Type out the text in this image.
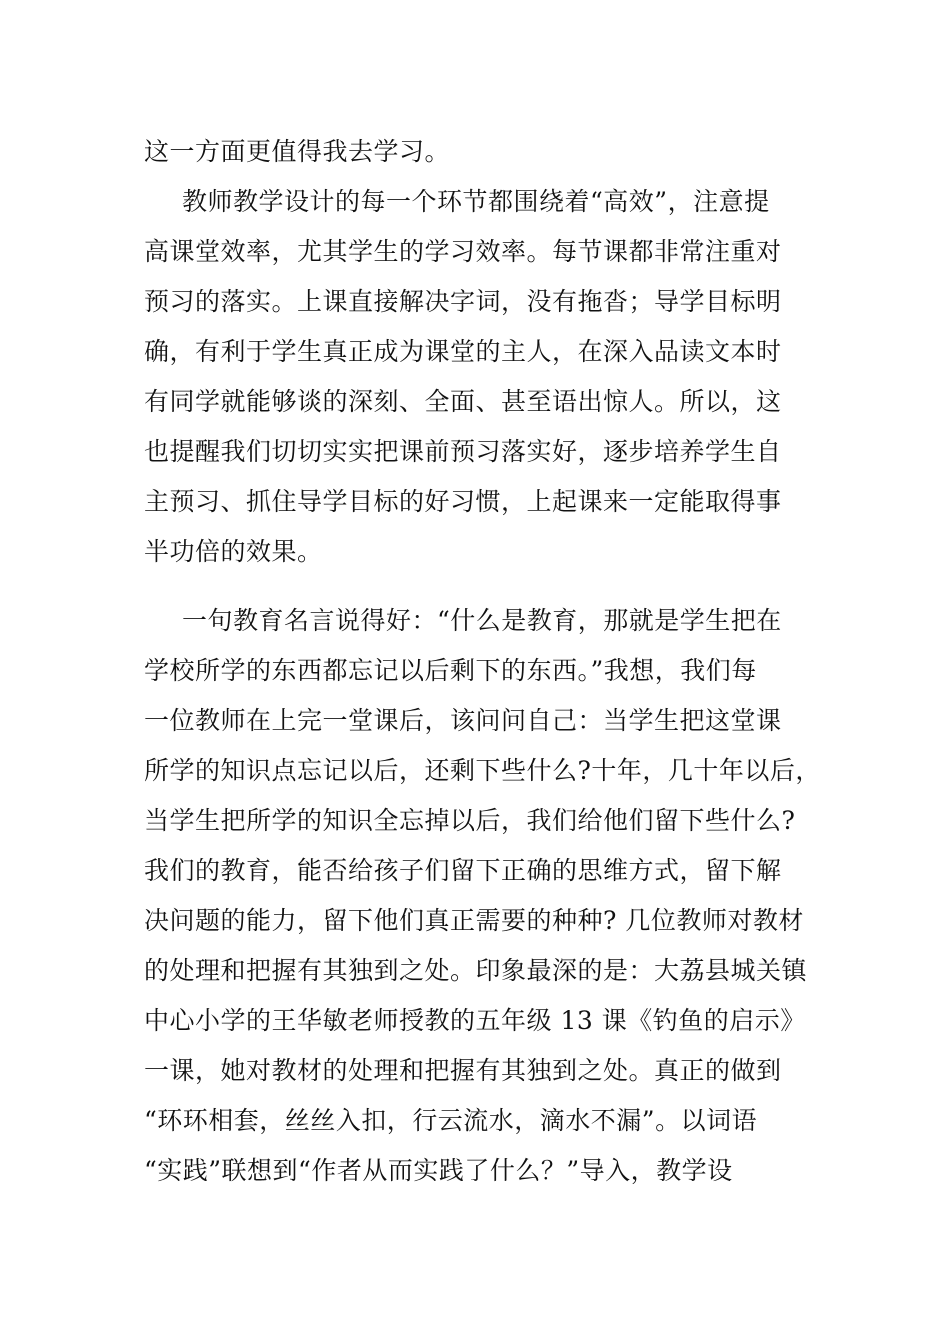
这一方面更值得我去学习。
教师教学设计的每一个环节都围绕着“高效”，注意提
高课堂效率，尤其学生的学习效率。每节课都非常注重对
预习的落实。上课直接解决字词，没有拖沓；导学目标明
确，有利于学生真正成为课堂的主人，在深入品读文本时
有同学就能够谈的深刻、全面、甚至语出惊人。所以，这
也提醒我们切切实实把课前预习落实好，逐步培养学生自
主预习、抓住导学目标的好习惯，上起课来一定能取得事
半功倍的效果。
一句教育名言说得好：“什么是教育，那就是学生把在
学校所学的东西都忘记以后剩下的东西。”我想，我们每
一位教师在上完一堂课后，该问问自己：当学生把这堂课
所学的知识点忘记以后，还剩下些什么?十年，几十年以后，
当学生把所学的知识全忘掉以后，我们给他们留下些什么?
我们的教育，能否给孩子们留下正确的思维方式，留下解
决问题的能力，留下他们真正需要的种种? 几位教师对教材
的处理和把握有其独到之处。印象最深的是：大荔县城关镇
中心小学的王华敏老师授教的五年级 13 课《钓鱼的启示》
一课，她对教材的处理和把握有其独到之处。真正的做到
“环环相套，丝丝入扣，行云流水，滴水不漏”。以词语
“实践”联想到“作者从而实践了什么？”导入，教学设
